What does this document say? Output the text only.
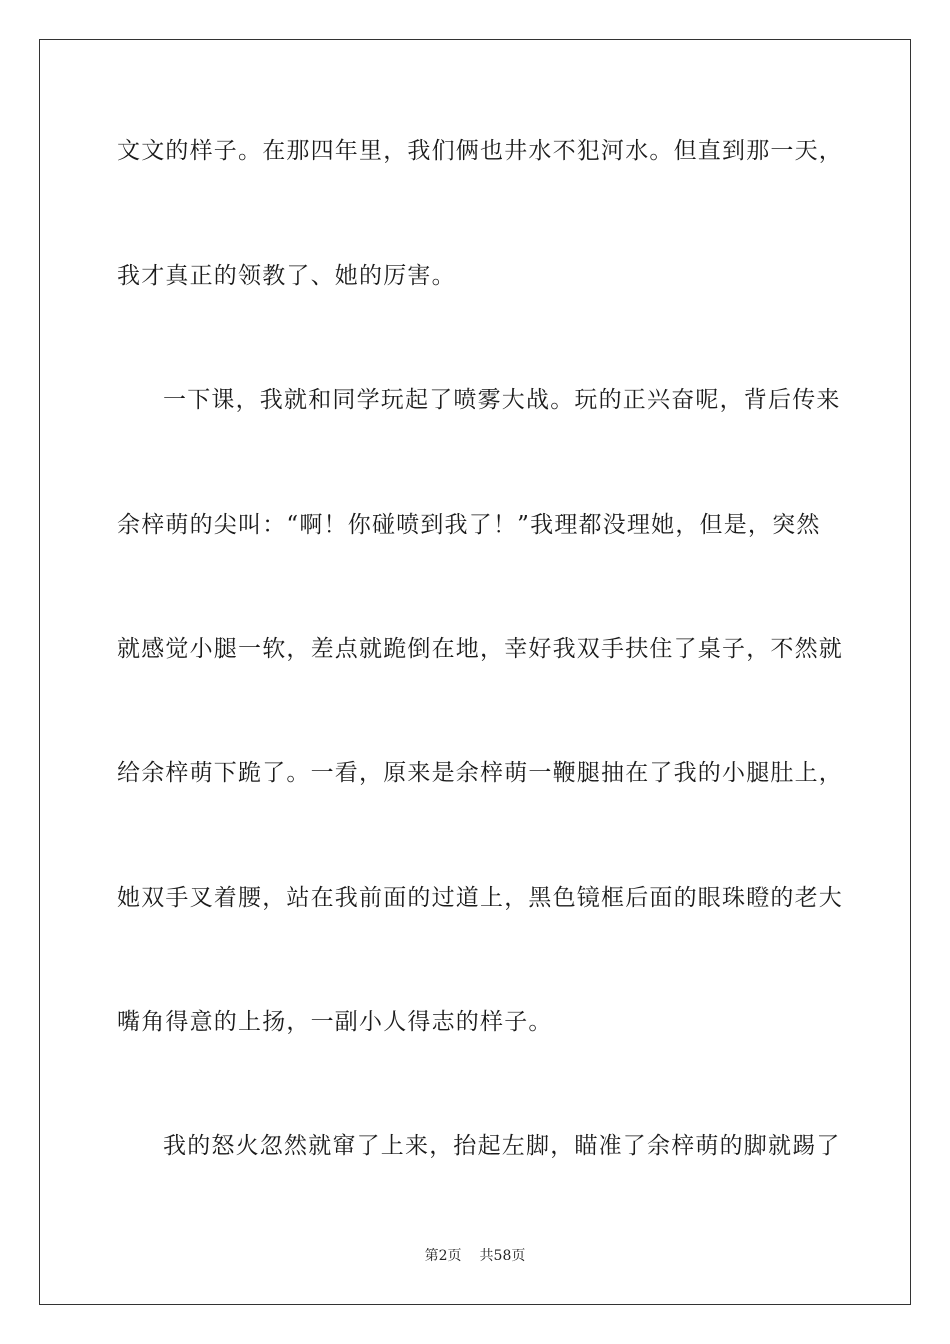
文文的样子。在那四年里，我们俩也井水不犯河水。但直到那一天，
我才真正的领教了、她的厉害。
一下课，我就和同学玩起了喷雾大战。玩的正兴奋呢，背后传来
余梓萌的尖叫：“啊！你碰喷到我了！”我理都没理她，但是，突然
就感觉小腿一软，差点就跪倒在地，幸好我双手扶住了桌子，不然就
给余梓萌下跪了。一看，原来是余梓萌一鞭腿抽在了我的小腿肚上，
她双手叉着腰，站在我前面的过道上，黑色镜框后面的眼珠瞪的老大
嘴角得意的上扬，一副小人得志的样子。
我的怒火忽然就窜了上来，抬起左脚，瞄准了余梓萌的脚就踢了
第2页 共58页
